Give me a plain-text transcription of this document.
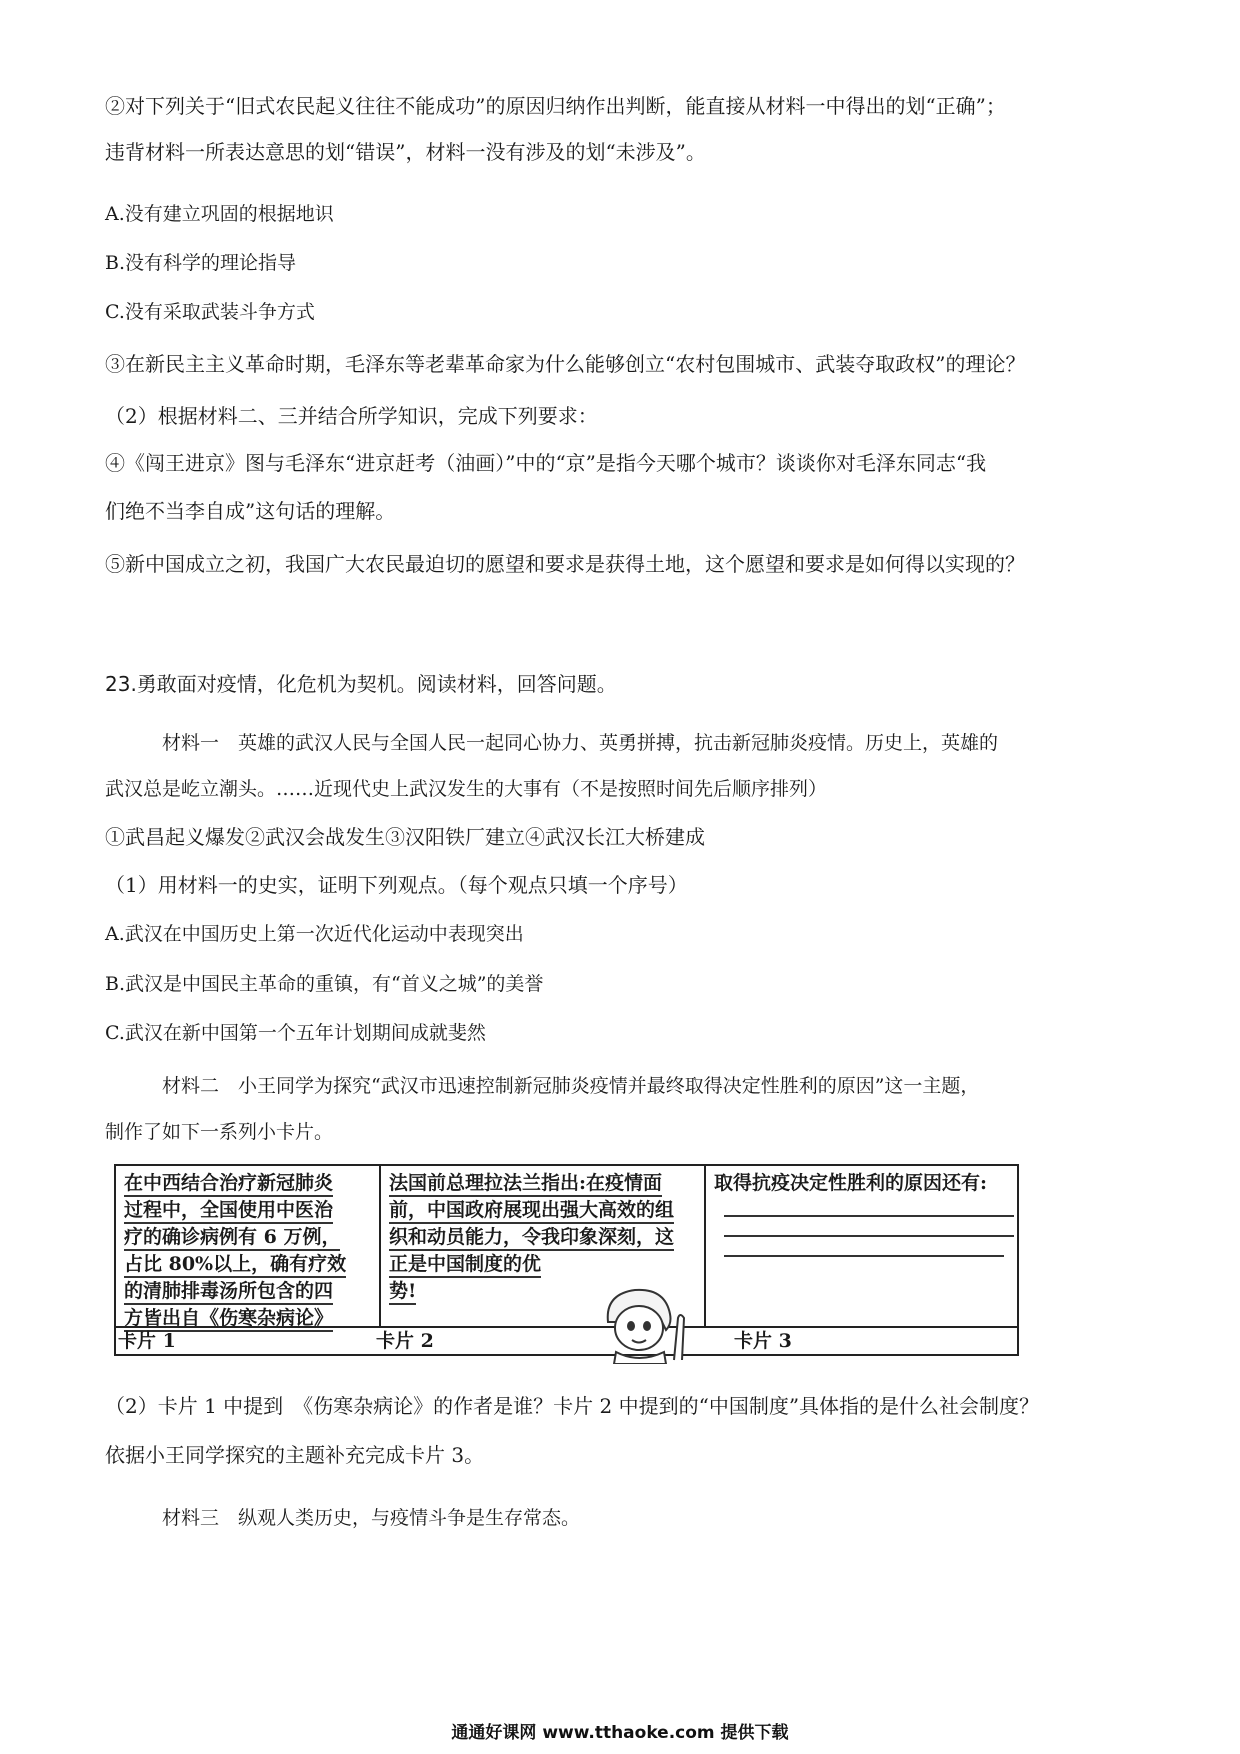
②对下列关于“旧式农民起义往往不能成功”的原因归纳作出判断，能直接从材料一中得出的划“正确”；
违背材料一所表达意思的划“错误”，材料一没有涉及的划“未涉及”。
A.没有建立巩固的根据地识
B.没有科学的理论指导
C.没有采取武装斗争方式
③在新民主主义革命时期，毛泽东等老辈革命家为什么能够创立“农村包围城市、武装夺取政权”的理论？
（2）根据材料二、三并结合所学知识，完成下列要求：
④《闯王进京》图与毛泽东“进京赶考（油画）”中的“京”是指今天哪个城市？谈谈你对毛泽东同志“我
们绝不当李自成”这句话的理解。
⑤新中国成立之初，我国广大农民最迫切的愿望和要求是获得土地，这个愿望和要求是如何得以实现的？
23.勇敢面对疫情，化危机为契机。阅读材料，回答问题。
材料一　英雄的武汉人民与全国人民一起同心协力、英勇拼搏，抗击新冠肺炎疫情。历史上，英雄的
武汉总是屹立潮头。……近现代史上武汉发生的大事有（不是按照时间先后顺序排列）
①武昌起义爆发②武汉会战发生③汉阳铁厂建立④武汉长江大桥建成
（1）用材料一的史实，证明下列观点。（每个观点只填一个序号）
A.武汉在中国历史上第一次近代化运动中表现突出
B.武汉是中国民主革命的重镇，有“首义之城”的美誉
C.武汉在新中国第一个五年计划期间成就斐然
材料二　小王同学为探究“武汉市迅速控制新冠肺炎疫情并最终取得决定性胜利的原因”这一主题，
制作了如下一系列小卡片。
在中西结合治疗新冠肺炎
过程中，全国使用中医治
疗的确诊病例有 6 万例，
占比 80%以上，确有疗效
的清肺排毒汤所包含的四
方皆出自《伤寒杂病论》
法国前总理拉法兰指出:在疫情面
前，中国政府展现出强大高效的组
织和动员能力，令我印象深刻，这
正是中国制度的优
势!
取得抗疫决定性胜利的原因还有:
卡片 1	卡片 2	卡片 3
（2）卡片 1 中提到　《伤寒杂病论》的作者是谁？卡片 2 中提到的“中国制度”具体指的是什么社会制度？
依据小王同学探究的主题补充完成卡片 3。
材料三　纵观人类历史，与疫情斗争是生存常态。
通通好课网 www.tthaoke.com 提供下载
